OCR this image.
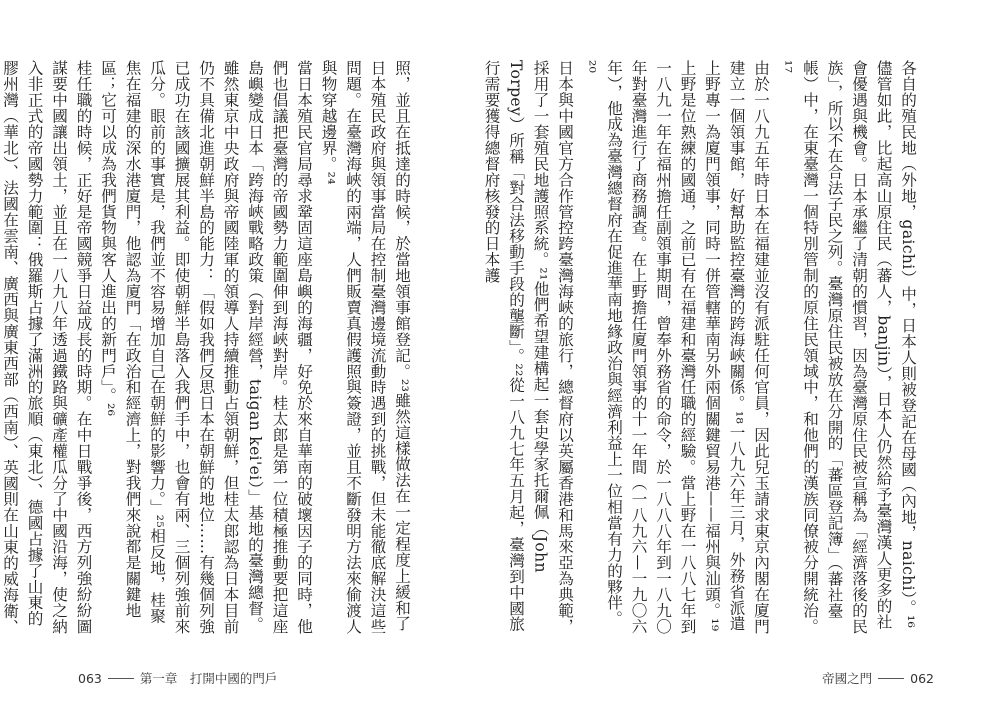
照，並且在抵達的時候，於當地領事館登記。²³雖然這樣做法在一定程度上緩和了日本殖民政府與領事當局在控制臺灣邊境流動時遇到的挑戰，但未能徹底解決這些問題。在臺灣海峽的兩端，人們販賣真假護照與簽證，並且不斷發明方法來偷渡人與物穿越邊界。²⁴

當日本殖民官局尋求鞏固這座島嶼的海疆，好免於來自華南的破壞因子的同時，他們也倡議把臺灣的帝國勢力範圍伸到海峽對岸。桂太郎是第一位積極推動要把這座島嶼變成日本「跨海峽戰略政策（對岸經營，taigan kei'ei）」基地的臺灣總督。雖然東京中央政府與帝國陸軍的領導人持續推動占領朝鮮，但桂太郎認為日本目前仍不具備北進朝鮮半島的能力：「假如我們反思日本在朝鮮的地位……有幾個列強已成功在該國擴展其利益。即使朝鮮半島落入我們手中，也會有兩、三個列強前來瓜分。眼前的事實是，我們並不容易增加自己在朝鮮的影響力。」²⁵相反地，桂聚焦在福建的深水港廈門，他認為廈門「在政治和經濟上，對我們來說都是關鍵地區；它可以成為我們貨物與客人進出的新門戶」。²⁶

桂任職的時候，正好是帝國競爭日益成長的時期。在中日戰爭後，西方列強紛紛圖謀要中國讓出領土，並且在一八九八年透過鐵路與礦產權瓜分了中國沿海，使之納入非正式的帝國勢力範圍：俄羅斯占據了滿洲的旅順（東北）、德國占據了山東的膠州灣（華北）、法國在雲南、廣西與廣東西部（西南）、英國則在山東的威海衛、

063	第一章　打開中國的門戶

各自的殖民地（外地，gaichi）中，日本人則被登記在母國（內地，naichi）。¹⁶儘管如此，比起高山原住民（蕃人，banjin），日本人仍然給予臺灣漢人更多的社會優遇與機會。日本承繼了清朝的慣習，因為臺灣原住民被宣稱為「經濟落後的民族」，所以不在合法子民之列。臺灣原住民被放在分開的「蕃區登記簿」（蕃社臺帳）中，在東臺灣一個特別管制的原住民領域中，和他們的漢族同僚被分開統治。¹⁷

由於一八九五年時日本在福建並沒有派駐任何官員，因此兒玉請求東京內閣在廈門建立一個領事館，好幫助監控臺灣的跨海峽關係。¹⁸一八九六年三月，外務省派遣上野專一為廈門領事，同時一併管轄華南另外兩個關鍵貿易港——福州與汕頭。¹⁹上野是位熟練的國通，之前已有在福建和臺灣任職的經驗。當上野在一八八七年到一八九一年在福州擔任副領事期間，曾奉外務省的命令，於一八八八年到一八九〇年對臺灣進行了商務調查。在上野擔任廈門領事的十一年間（一八九六—一九〇六年），他成為臺灣總督府在促進華南地緣政治與經濟利益上一位相當有力的夥伴。²⁰

日本與中國官方合作管控跨臺灣海峽的旅行，總督府以英屬香港和馬來亞為典範，採用了一套殖民地護照系統。²¹他們希望建構起一套史學家托爾佩（John Torpey）所稱「對合法移動手段的壟斷」。²²從一八九七年五月起，臺灣到中國旅行需要獲得總督府核發的日本護

帝國之門	062
